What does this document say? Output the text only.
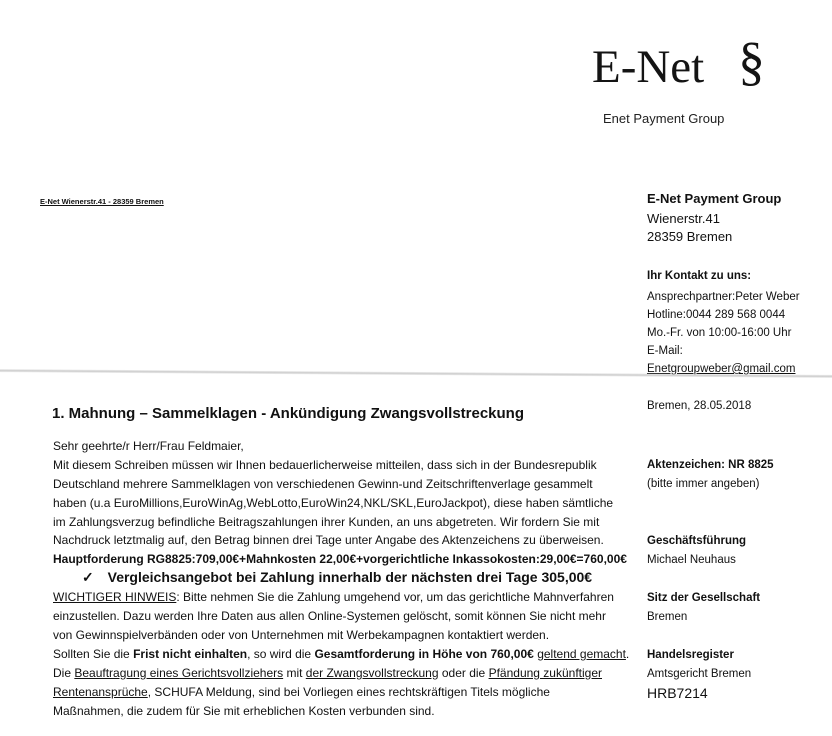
E-Net §
Enet Payment Group
E-Net Wienerstr.41 - 28359 Bremen	E-Net Payment Group
Wienerstr.41
28359 Bremen
Ihr Kontakt zu uns:
Ansprechpartner:Peter Weber
Hotline:0044 289 568 0044
Mo.-Fr. von 10:00-16:00 Uhr
E-Mail:
Enetgroupweber@gmail.com
Bremen, 28.05.2018
Aktenzeichen: NR 8825
(bitte immer angeben)
Geschäftsführung
Michael Neuhaus
Sitz der Gesellschaft
Bremen
Handelsregister
Amtsgericht Bremen
HRB7214
1. Mahnung – Sammelklagen - Ankündigung Zwangsvollstreckung
Sehr geehrte/r Herr/Frau Feldmaier,
Mit diesem Schreiben müssen wir Ihnen bedauerlicherweise mitteilen, dass sich in der Bundesrepublik
Deutschland mehrere Sammelklagen von verschiedenen Gewinn-und Zeitschriftenverlage gesammelt
haben (u.a EuroMillions,EuroWinAg,WebLotto,EuroWin24,NKL/SKL,EuroJackpot), diese haben sämtliche
im Zahlungsverzug befindliche Beitragszahlungen ihrer Kunden, an uns abgetreten. Wir fordern Sie mit
Nachdruck letztmalig auf, den Betrag binnen drei Tage unter Angabe des Aktenzeichens zu überweisen.
Hauptforderung RG8825:709,00€+Mahnkosten 22,00€+vorgerichtliche Inkassokosten:29,00€=760,00€
✓ Vergleichsangebot bei Zahlung innerhalb der nächsten drei Tage 305,00€
WICHTIGER HINWEIS: Bitte nehmen Sie die Zahlung umgehend vor, um das gerichtliche Mahnverfahren
einzustellen. Dazu werden Ihre Daten aus allen Online-Systemen gelöscht, somit können Sie nicht mehr
von Gewinnspielverbänden oder von Unternehmen mit Werbekampagnen kontaktiert werden.
Sollten Sie die Frist nicht einhalten, so wird die Gesamtforderung in Höhe von 760,00€ geltend gemacht.
Die Beauftragung eines Gerichtsvollziehers mit der Zwangsvollstreckung oder die Pfändung zukünftiger
Rentenansprüche, SCHUFA Meldung, sind bei Vorliegen eines rechtskräftigen Titels mögliche
Maßnahmen, die zudem für Sie mit erheblichen Kosten verbunden sind.
